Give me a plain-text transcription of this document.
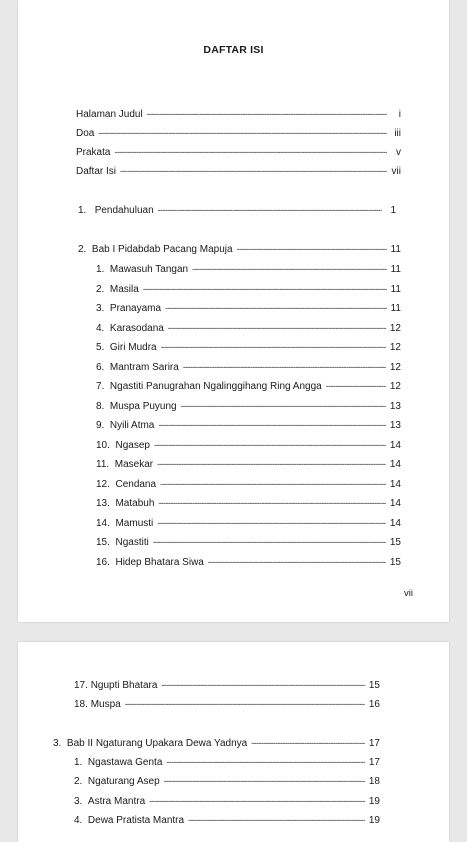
DAFTAR ISI
Halaman Judul -----	i
Doa -----	iii
Prakata -----	v
Daftar Isi -----	vii
1. Pendahuluan -----	1
2. Bab I Pidabdab Pacang Mapuja -----	11
1. Mawasuh Tangan -----	11
2. Masila -----	11
3. Pranayama -----	11
4. Karasodana -----	12
5. Giri Mudra -----	12
6. Mantram Sarira -----	12
7. Ngastiti Panugrahan Ngalinggihang Ring Angga -----	12
8. Muspa Puyung -----	13
9. Nyili Atma -----	13
10. Ngasep -----	14
11. Masekar -----	14
12. Cendana -----	14
13. Matabuh -----	14
14. Mamusti -----	14
15. Ngastiti -----	15
16. Hidep Bhatara Siwa -----	15
vii
17. Ngupti Bhatara -----	15
18. Muspa -----	16
3. Bab II Ngaturang Upakara Dewa Yadnya -----	17
1. Ngastawa Genta -----	17
2. Ngaturang Asep -----	18
3. Astra Mantra -----	19
4. Dewa Pratista Mantra -----	19
